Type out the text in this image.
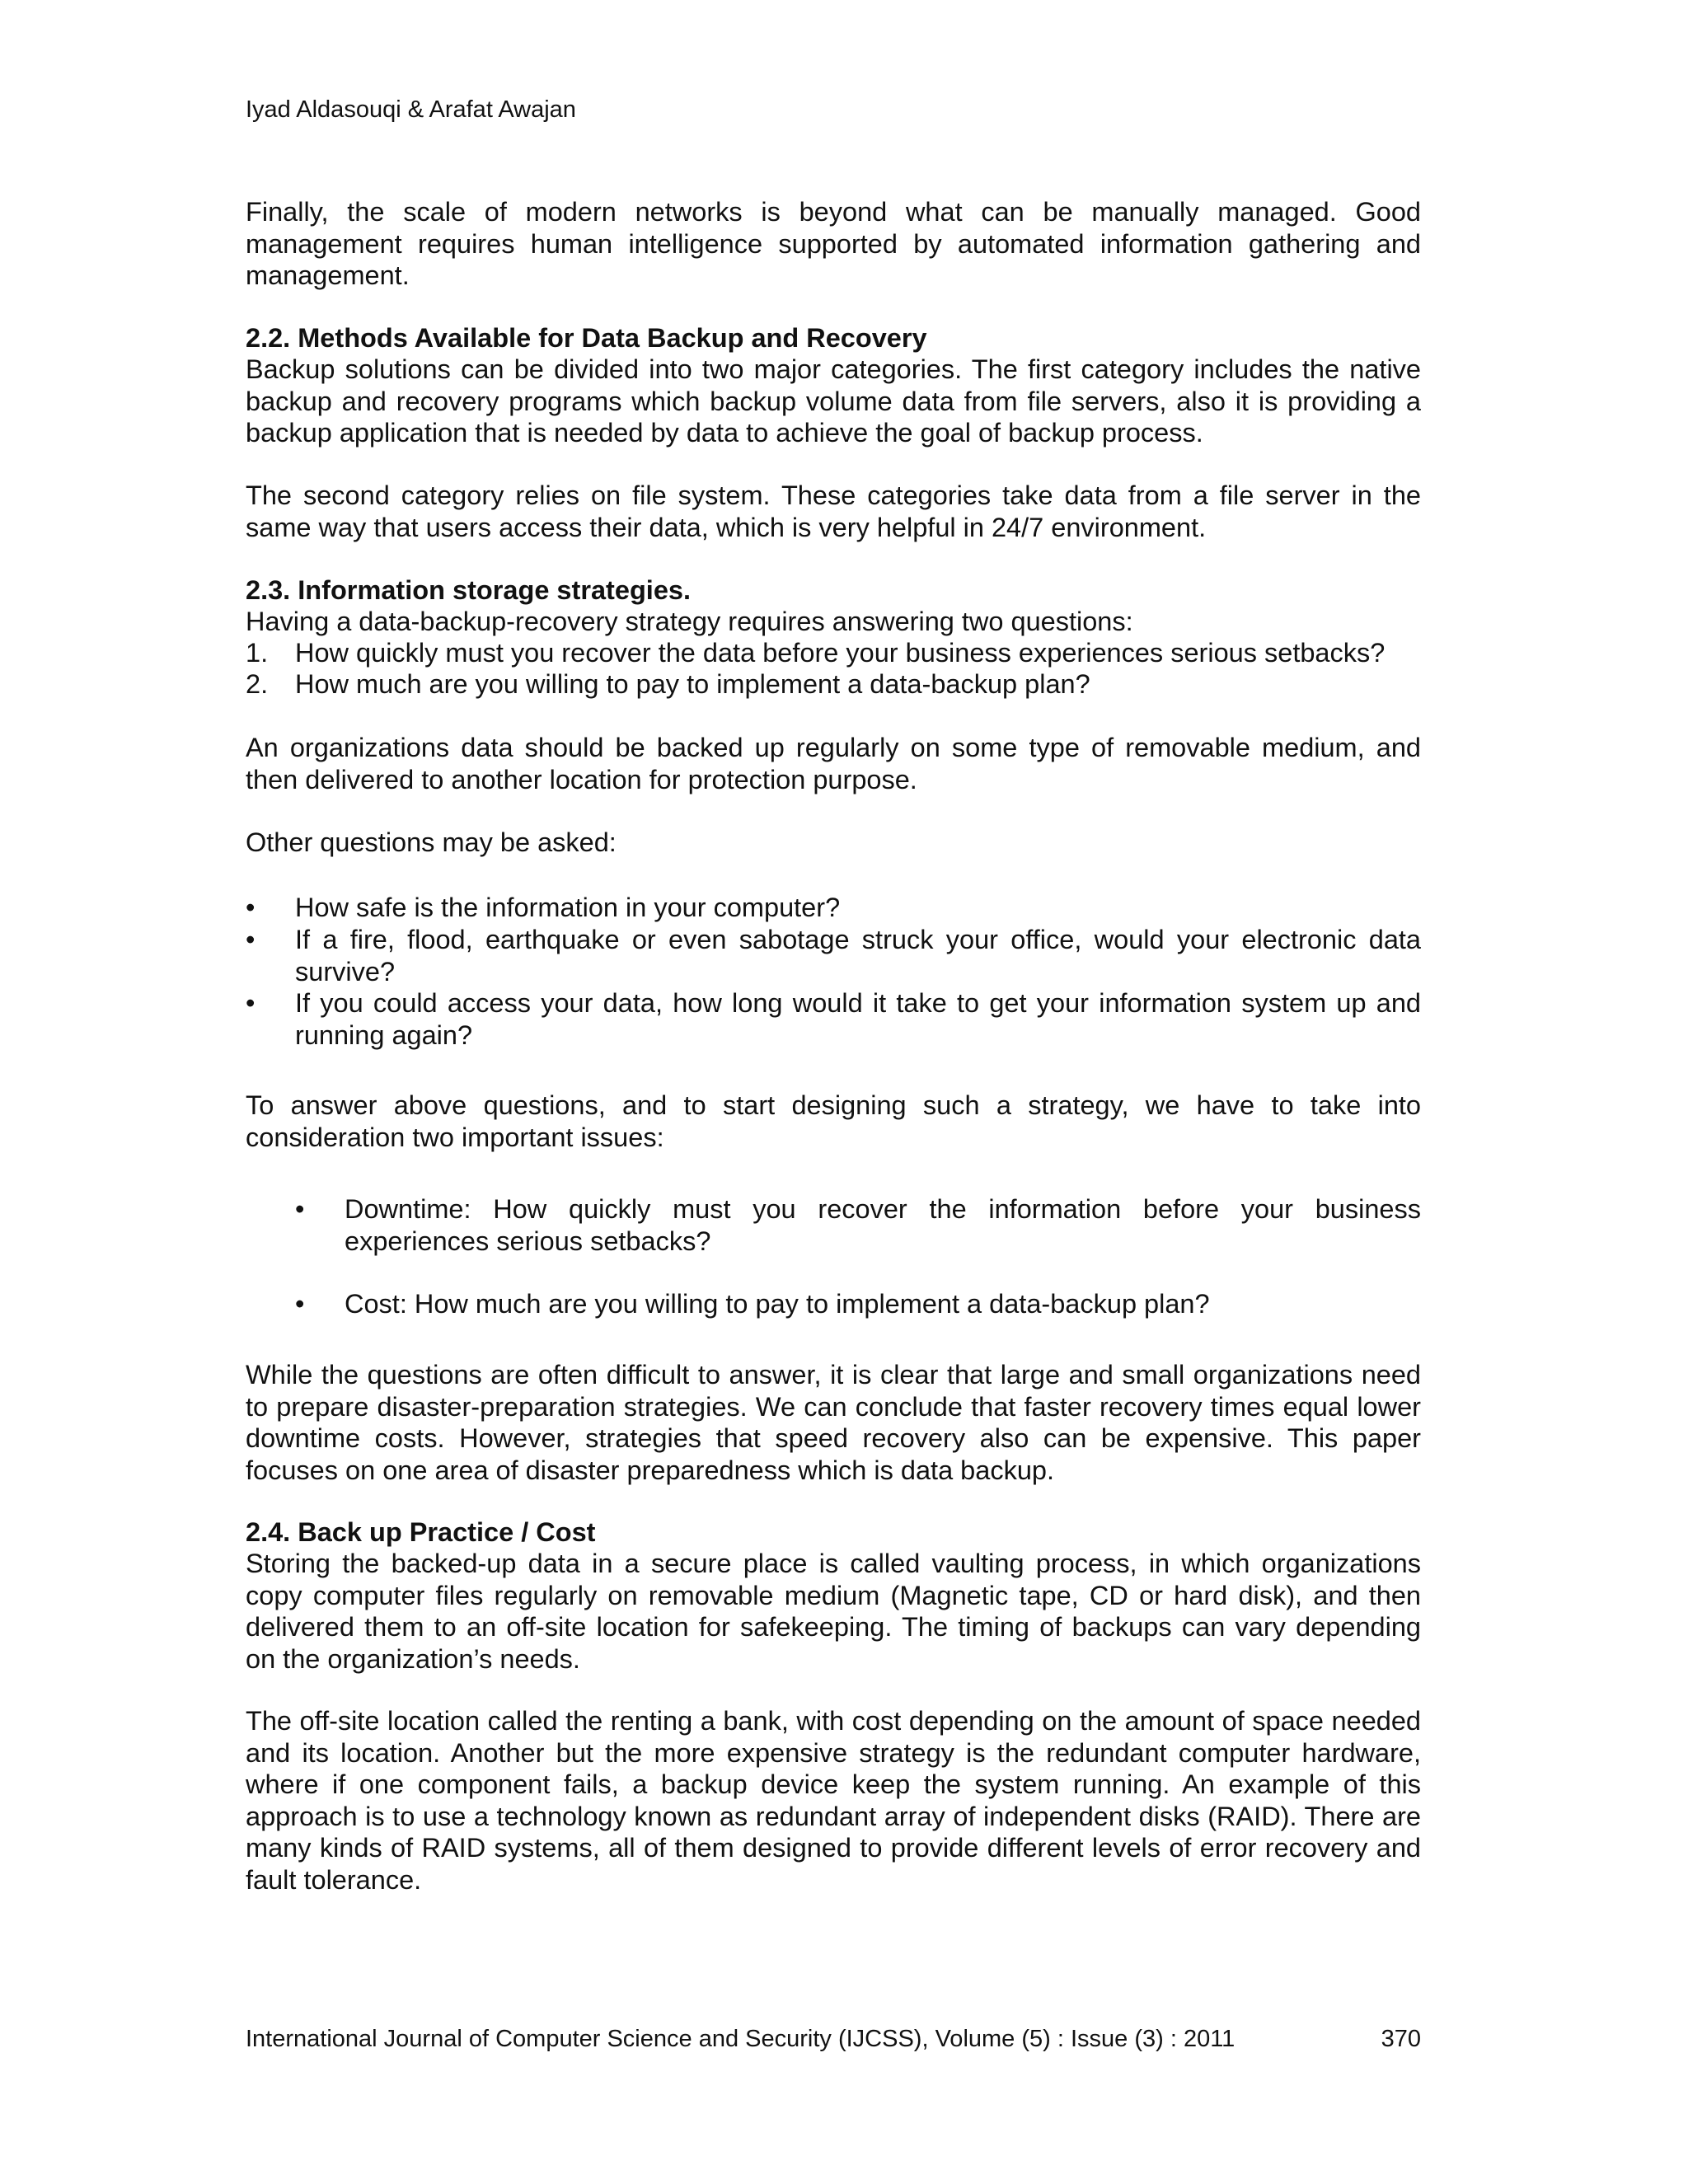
Iyad Aldasouqi & Arafat Awajan

Finally, the scale of modern networks is beyond what can be manually managed. Good management requires human intelligence supported by automated information gathering and management.

2.2. Methods Available for Data Backup and Recovery

Backup solutions can be divided into two major categories. The first category includes the native backup and recovery programs which backup volume data from file servers, also it is providing a backup application that is needed by data to achieve the goal of backup process.

The second category relies on file system. These categories take data from a file server in the same way that users access their data, which is very helpful in 24/7 environment.

2.3. Information storage strategies.

Having a data-backup-recovery strategy requires answering two questions:

1. How quickly must you recover the data before your business experiences serious setbacks?
2. How much are you willing to pay to implement a data-backup plan?

An organizations data should be backed up regularly on some type of removable medium, and then delivered to another location for protection purpose.

Other questions may be asked:

• How safe is the information in your computer?
• If a fire, flood, earthquake or even sabotage struck your office, would your electronic data survive?
• If you could access your data, how long would it take to get your information system up and running again?

To answer above questions, and to start designing such a strategy, we have to take into consideration two important issues:

• Downtime: How quickly must you recover the information before your business experiences serious setbacks?
• Cost: How much are you willing to pay to implement a data-backup plan?

While the questions are often difficult to answer, it is clear that large and small organizations need to prepare disaster-preparation strategies. We can conclude that faster recovery times equal lower downtime costs. However, strategies that speed recovery also can be expensive. This paper focuses on one area of disaster preparedness which is data backup.

2.4. Back up Practice / Cost

Storing the backed-up data in a secure place is called vaulting process, in which organizations copy computer files regularly on removable medium (Magnetic tape, CD or hard disk), and then delivered them to an off-site location for safekeeping. The timing of backups can vary depending on the organization’s needs.

The off-site location called the renting a bank, with cost depending on the amount of space needed and its location. Another but the more expensive strategy is the redundant computer hardware, where if one component fails, a backup device keep the system running. An example of this approach is to use a technology known as redundant array of independent disks (RAID). There are many kinds of RAID systems, all of them designed to provide different levels of error recovery and fault tolerance.

International Journal of Computer Science and Security (IJCSS), Volume (5) : Issue (3) : 2011	370
